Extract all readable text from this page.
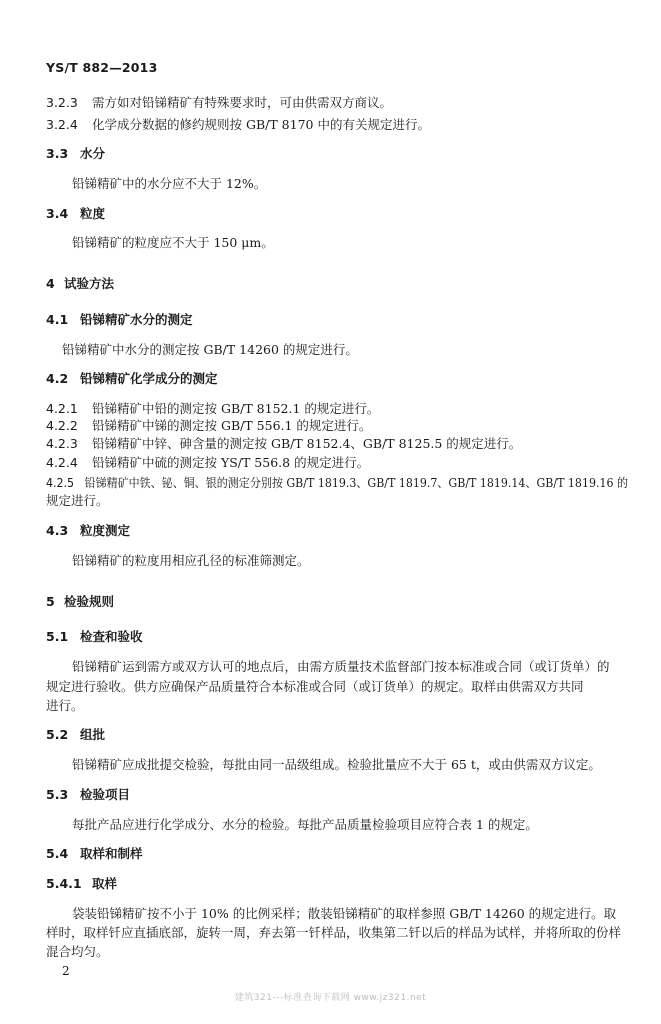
YS/T 882—2013
3.2.3 需方如对铅锑精矿有特殊要求时，可由供需双方商议。
3.2.4 化学成分数据的修约规则按 GB/T 8170 中的有关规定进行。
3.3 水分
铅锑精矿中的水分应不大于 12%。
3.4 粒度
铅锑精矿的粒度应不大于 150 μm。
4 试验方法
4.1 铅锑精矿水分的测定
铅锑精矿中水分的测定按 GB/T 14260 的规定进行。
4.2 铅锑精矿化学成分的测定
4.2.1 铅锑精矿中铅的测定按 GB/T 8152.1 的规定进行。
4.2.2 铅锑精矿中锑的测定按 GB/T 556.1 的规定进行。
4.2.3 铅锑精矿中锌、砷含量的测定按 GB/T 8152.4、GB/T 8125.5 的规定进行。
4.2.4 铅锑精矿中硫的测定按 YS/T 556.8 的规定进行。
4.2.5 铅锑精矿中铁、铋、铜、银的测定分别按 GB/T 1819.3、GB/T 1819.7、GB/T 1819.14、GB/T 1819.16 的
规定进行。
4.3 粒度测定
铅锑精矿的粒度用相应孔径的标准筛测定。
5 检验规则
5.1 检查和验收
铅锑精矿运到需方或双方认可的地点后，由需方质量技术监督部门按本标准或合同（或订货单）的
规定进行验收。供方应确保产品质量符合本标准或合同（或订货单）的规定。取样由供需双方共同
进行。
5.2 组批
铅锑精矿应成批提交检验，每批由同一品级组成。检验批量应不大于 65 t，或由供需双方议定。
5.3 检验项目
每批产品应进行化学成分、水分的检验。每批产品质量检验项目应符合表 1 的规定。
5.4 取样和制样
5.4.1 取样
袋装铅锑精矿按不小于 10% 的比例采样；散装铅锑精矿的取样参照 GB/T 14260 的规定进行。取
样时，取样钎应直插底部，旋转一周，弃去第一钎样品，收集第二钎以后的样品为试样，并将所取的份样
混合均匀。
2
建筑321---标准查询下载网 www.jz321.net
